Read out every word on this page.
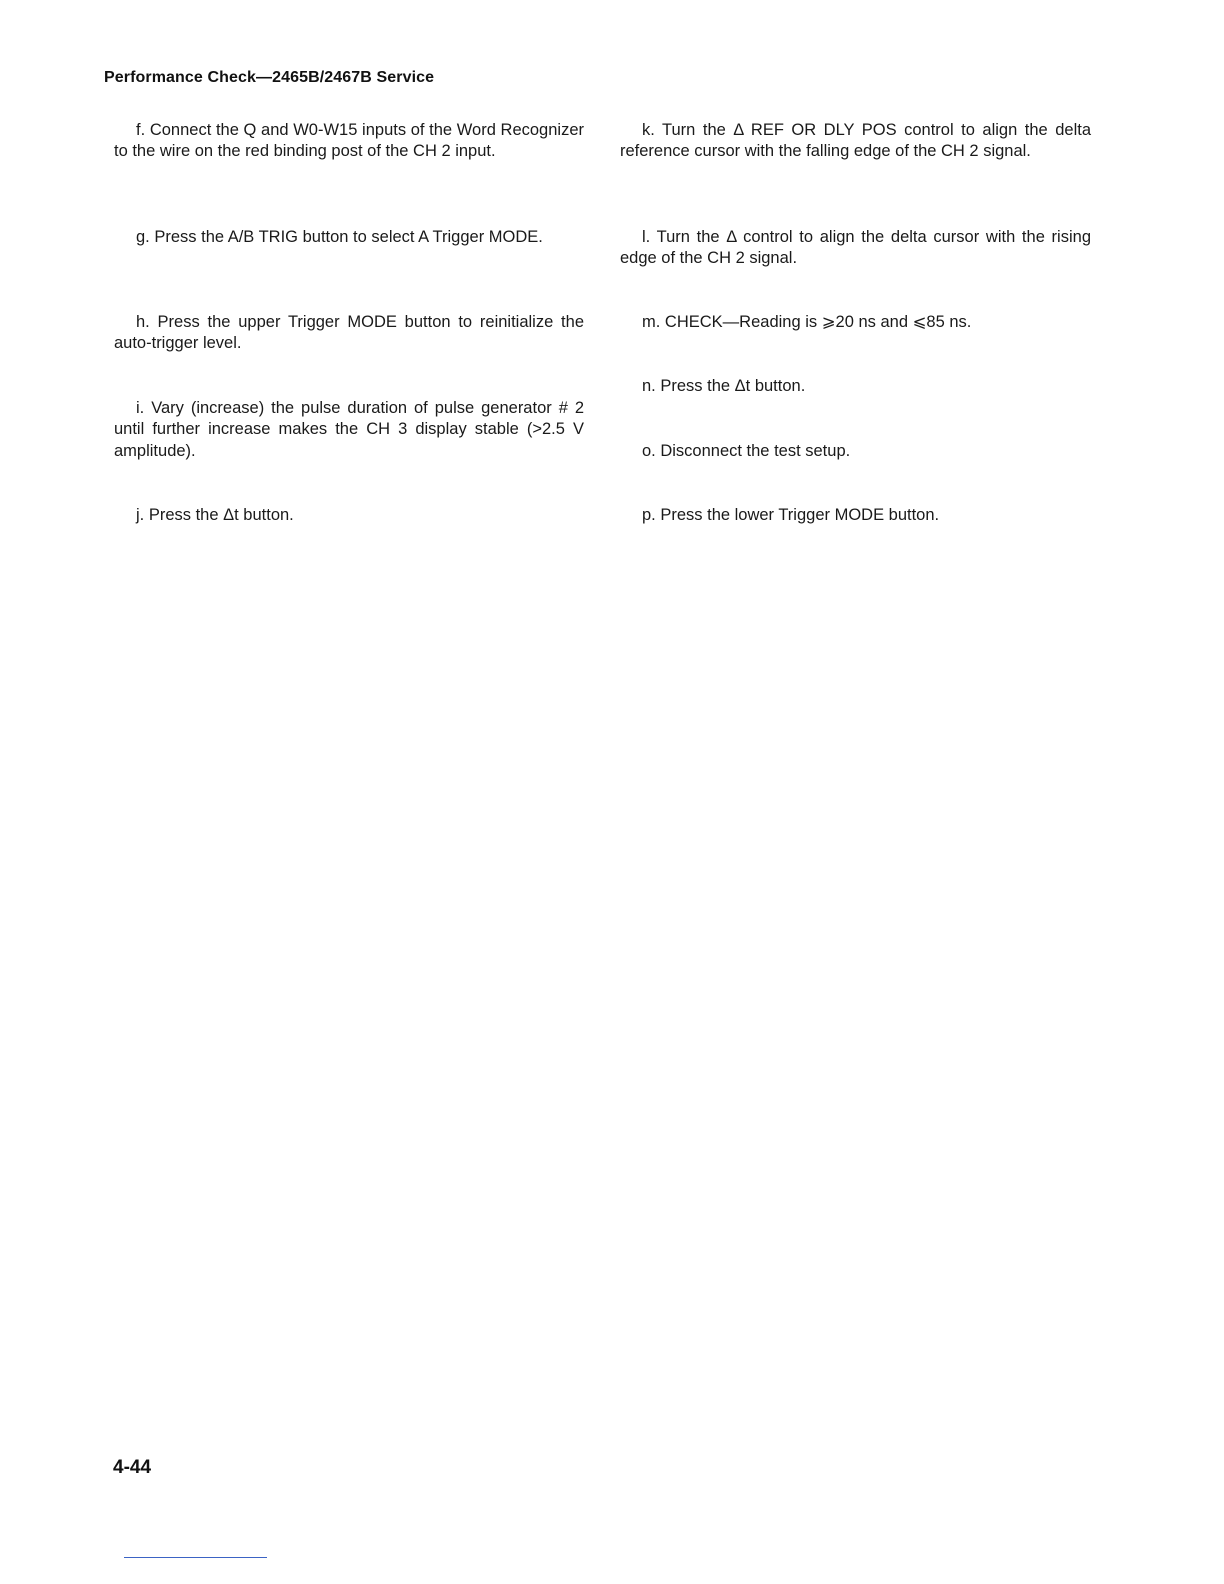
Performance Check—2465B/2467B Service

f. Connect the Q and W0-W15 inputs of the Word Recognizer to the wire on the red binding post of the CH 2 input.

g. Press the A/B TRIG button to select A Trigger MODE.

h. Press the upper Trigger MODE button to reinitialize the auto-trigger level.

i. Vary (increase) the pulse duration of pulse generator # 2 until further increase makes the CH 3 display stable (>2.5 V amplitude).

j. Press the Δt button.

k. Turn the Δ REF OR DLY POS control to align the delta reference cursor with the falling edge of the CH 2 signal.

l. Turn the Δ control to align the delta cursor with the rising edge of the CH 2 signal.

m. CHECK—Reading is ⩾20 ns and ⩽85 ns.

n. Press the Δt button.

o. Disconnect the test setup.

p. Press the lower Trigger MODE button.

4-44
